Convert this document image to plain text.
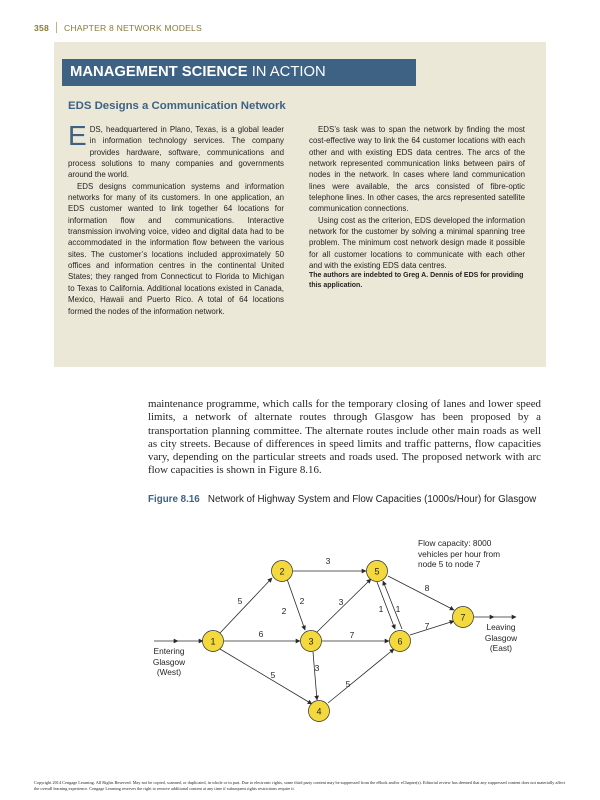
358 CHAPTER 8 NETWORK MODELS
MANAGEMENT SCIENCE IN ACTION
EDS Designs a Communication Network

EDS, headquartered in Plano, Texas, is a global leader in information technology services. The company provides hardware, software, communications and process solutions to many companies and governments around the world.

EDS designs communication systems and information networks for many of its customers. In one application, an EDS customer wanted to link together 64 locations for information flow and communications. Interactive transmission involving voice, video and digital data had to be accommodated in the information flow between the various sites. The customer’s locations included approximately 50 offices and information centres in the continental United States; they ranged from Connecticut to Florida to Michigan to Texas to California. Additional locations existed in Canada, Mexico, Hawaii and Puerto Rico. A total of 64 locations formed the nodes of the information network.

EDS’s task was to span the network by finding the most cost-effective way to link the 64 customer locations with each other and with existing EDS data centres. The arcs of the network represented communication links between pairs of nodes in the network. In cases where land communication lines were available, the arcs consisted of fibre-optic telephone lines. In other cases, the arcs represented satellite communication connections.

Using cost as the criterion, EDS developed the information network for the customer by solving a minimal spanning tree problem. The minimum cost network design made it possible for all customer locations to communicate with each other and with the existing EDS data centres.

The authors are indebted to Greg A. Dennis of EDS for providing this application.

maintenance programme, which calls for the temporary closing of lanes and lower speed limits, a network of alternate routes through Glasgow has been proposed by a transportation planning committee. The alternate routes include other main roads as well as city streets. Because of differences in speed limits and traffic patterns, flow capacities vary, depending on the particular streets and roads used. The proposed network with arc flow capacities is shown in Figure 8.16.
Figure 8.16 Network of Highway System and Flow Capacities (1000s/Hour) for Glasgow
5
2
2
3
3
6
5
3
7
5
1 1
8
7
1
2
3
4
5
6
7
Entering
Glasgow
(West)
Leaving
Glasgow
(East)
Flow capacity: 8000
vehicles per hour from
node 5 to node 7
Copyright 2014 Cengage Learning. All Rights Reserved. May not be copied, scanned, or duplicated, in whole or in part. Due to electronic rights, some third party content may be suppressed from the eBook and/or eChapter(s). Editorial review has deemed that any suppressed content does not materially affect the overall learning experience. Cengage Learning reserves the right to remove additional content at any time if subsequent rights restrictions require it.
